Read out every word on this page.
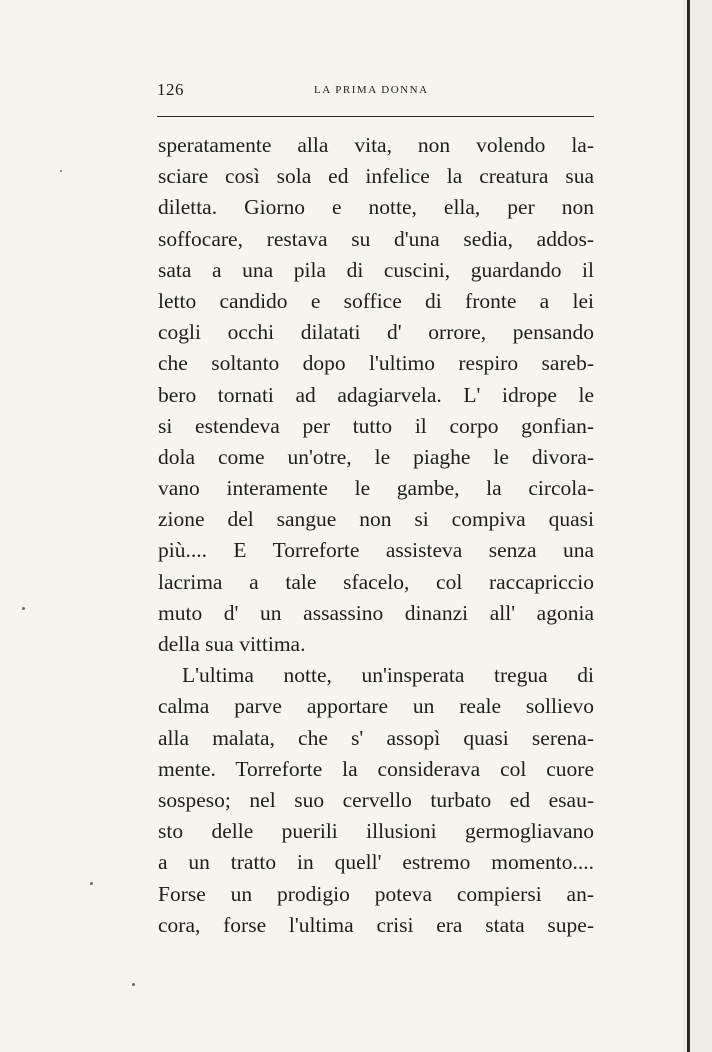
126	LA PRIMA DONNA
speratamente alla vita, non volendo la-
sciare così sola ed infelice la creatura sua
diletta. Giorno e notte, ella, per non
soffocare, restava su d'una sedia, addos-
sata a una pila di cuscini, guardando il
letto candido e soffice di fronte a lei
cogli occhi dilatati d' orrore, pensando
che soltanto dopo l'ultimo respiro sareb-
bero tornati ad adagiarvela. L' idrope le
si estendeva per tutto il corpo gonfian-
dola come un'otre, le piaghe le divora-
vano interamente le gambe, la circola-
zione del sangue non si compiva quasi
più.... E Torreforte assisteva senza una
lacrima a tale sfacelo, col raccapriccio
muto d' un assassino dinanzi all' agonia
della sua vittima.
L'ultima notte, un'insperata tregua di
calma parve apportare un reale sollievo
alla malata, che s' assopì quasi serena-
mente. Torreforte la considerava col cuore
sospeso; nel suo cervello turbato ed esau-
sto delle puerili illusioni germogliavano
a un tratto in quell' estremo momento....
Forse un prodigio poteva compiersi an-
cora, forse l'ultima crisi era stata supe-
